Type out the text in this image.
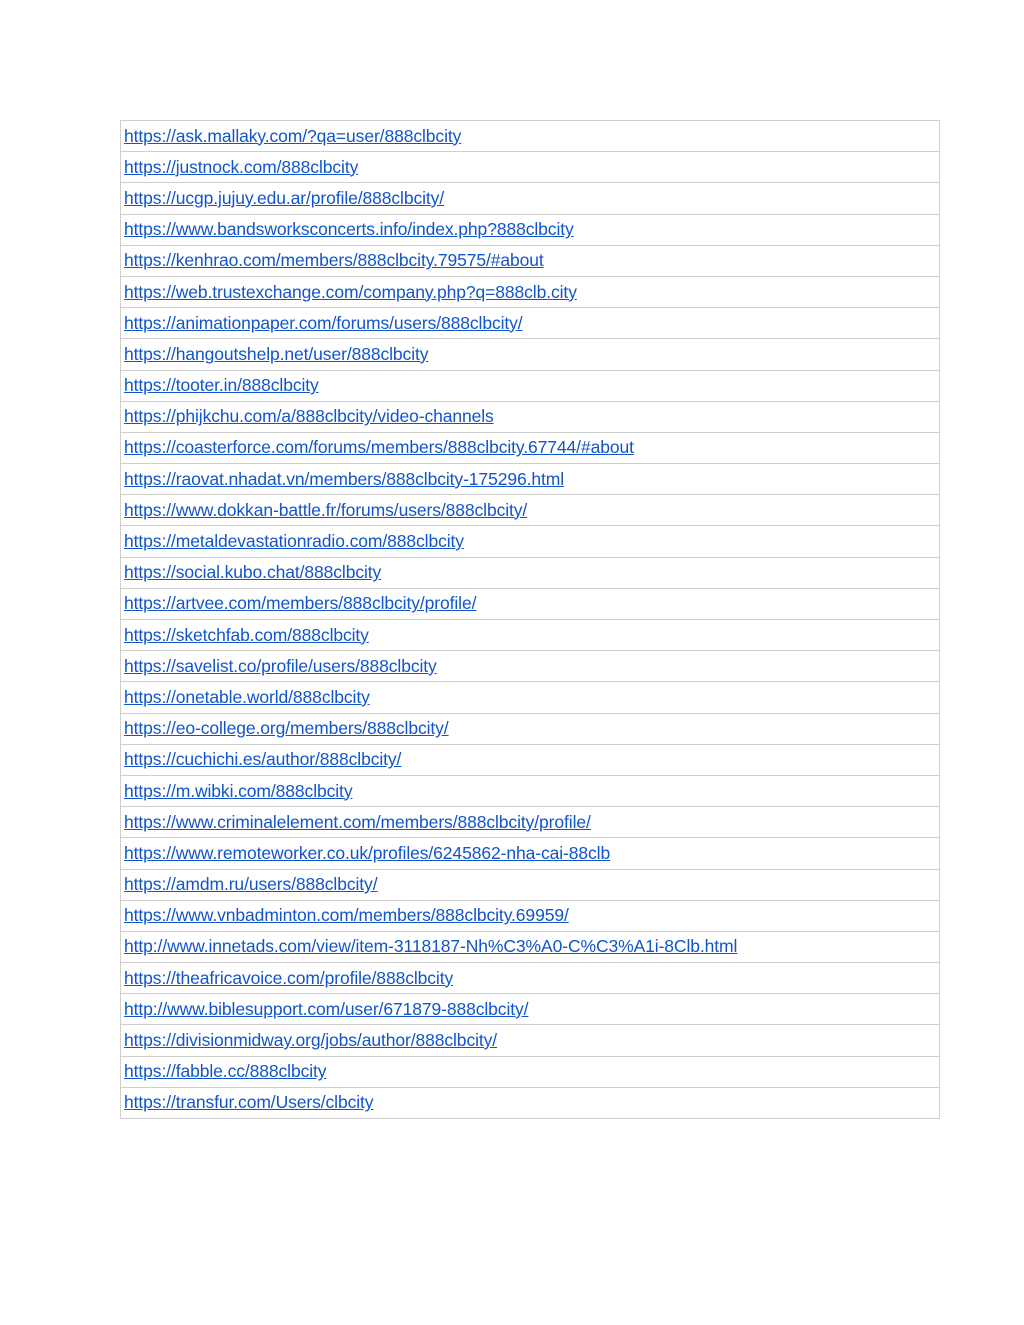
https://ask.mallaky.com/?qa=user/888clbcity
https://justnock.com/888clbcity
https://ucgp.jujuy.edu.ar/profile/888clbcity/
https://www.bandsworksconcerts.info/index.php?888clbcity
https://kenhrao.com/members/888clbcity.79575/#about
https://web.trustexchange.com/company.php?q=888clb.city
https://animationpaper.com/forums/users/888clbcity/
https://hangoutshelp.net/user/888clbcity
https://tooter.in/888clbcity
https://phijkchu.com/a/888clbcity/video-channels
https://coasterforce.com/forums/members/888clbcity.67744/#about
https://raovat.nhadat.vn/members/888clbcity-175296.html
https://www.dokkan-battle.fr/forums/users/888clbcity/
https://metaldevastationradio.com/888clbcity
https://social.kubo.chat/888clbcity
https://artvee.com/members/888clbcity/profile/
https://sketchfab.com/888clbcity
https://savelist.co/profile/users/888clbcity
https://onetable.world/888clbcity
https://eo-college.org/members/888clbcity/
https://cuchichi.es/author/888clbcity/
https://m.wibki.com/888clbcity
https://www.criminalelement.com/members/888clbcity/profile/
https://www.remoteworker.co.uk/profiles/6245862-nha-cai-88clb
https://amdm.ru/users/888clbcity/
https://www.vnbadminton.com/members/888clbcity.69959/
http://www.innetads.com/view/item-3118187-Nh%C3%A0-C%C3%A1i-8Clb.html
https://theafricavoice.com/profile/888clbcity
http://www.biblesupport.com/user/671879-888clbcity/
https://divisionmidway.org/jobs/author/888clbcity/
https://fabble.cc/888clbcity
https://transfur.com/Users/clbcity
